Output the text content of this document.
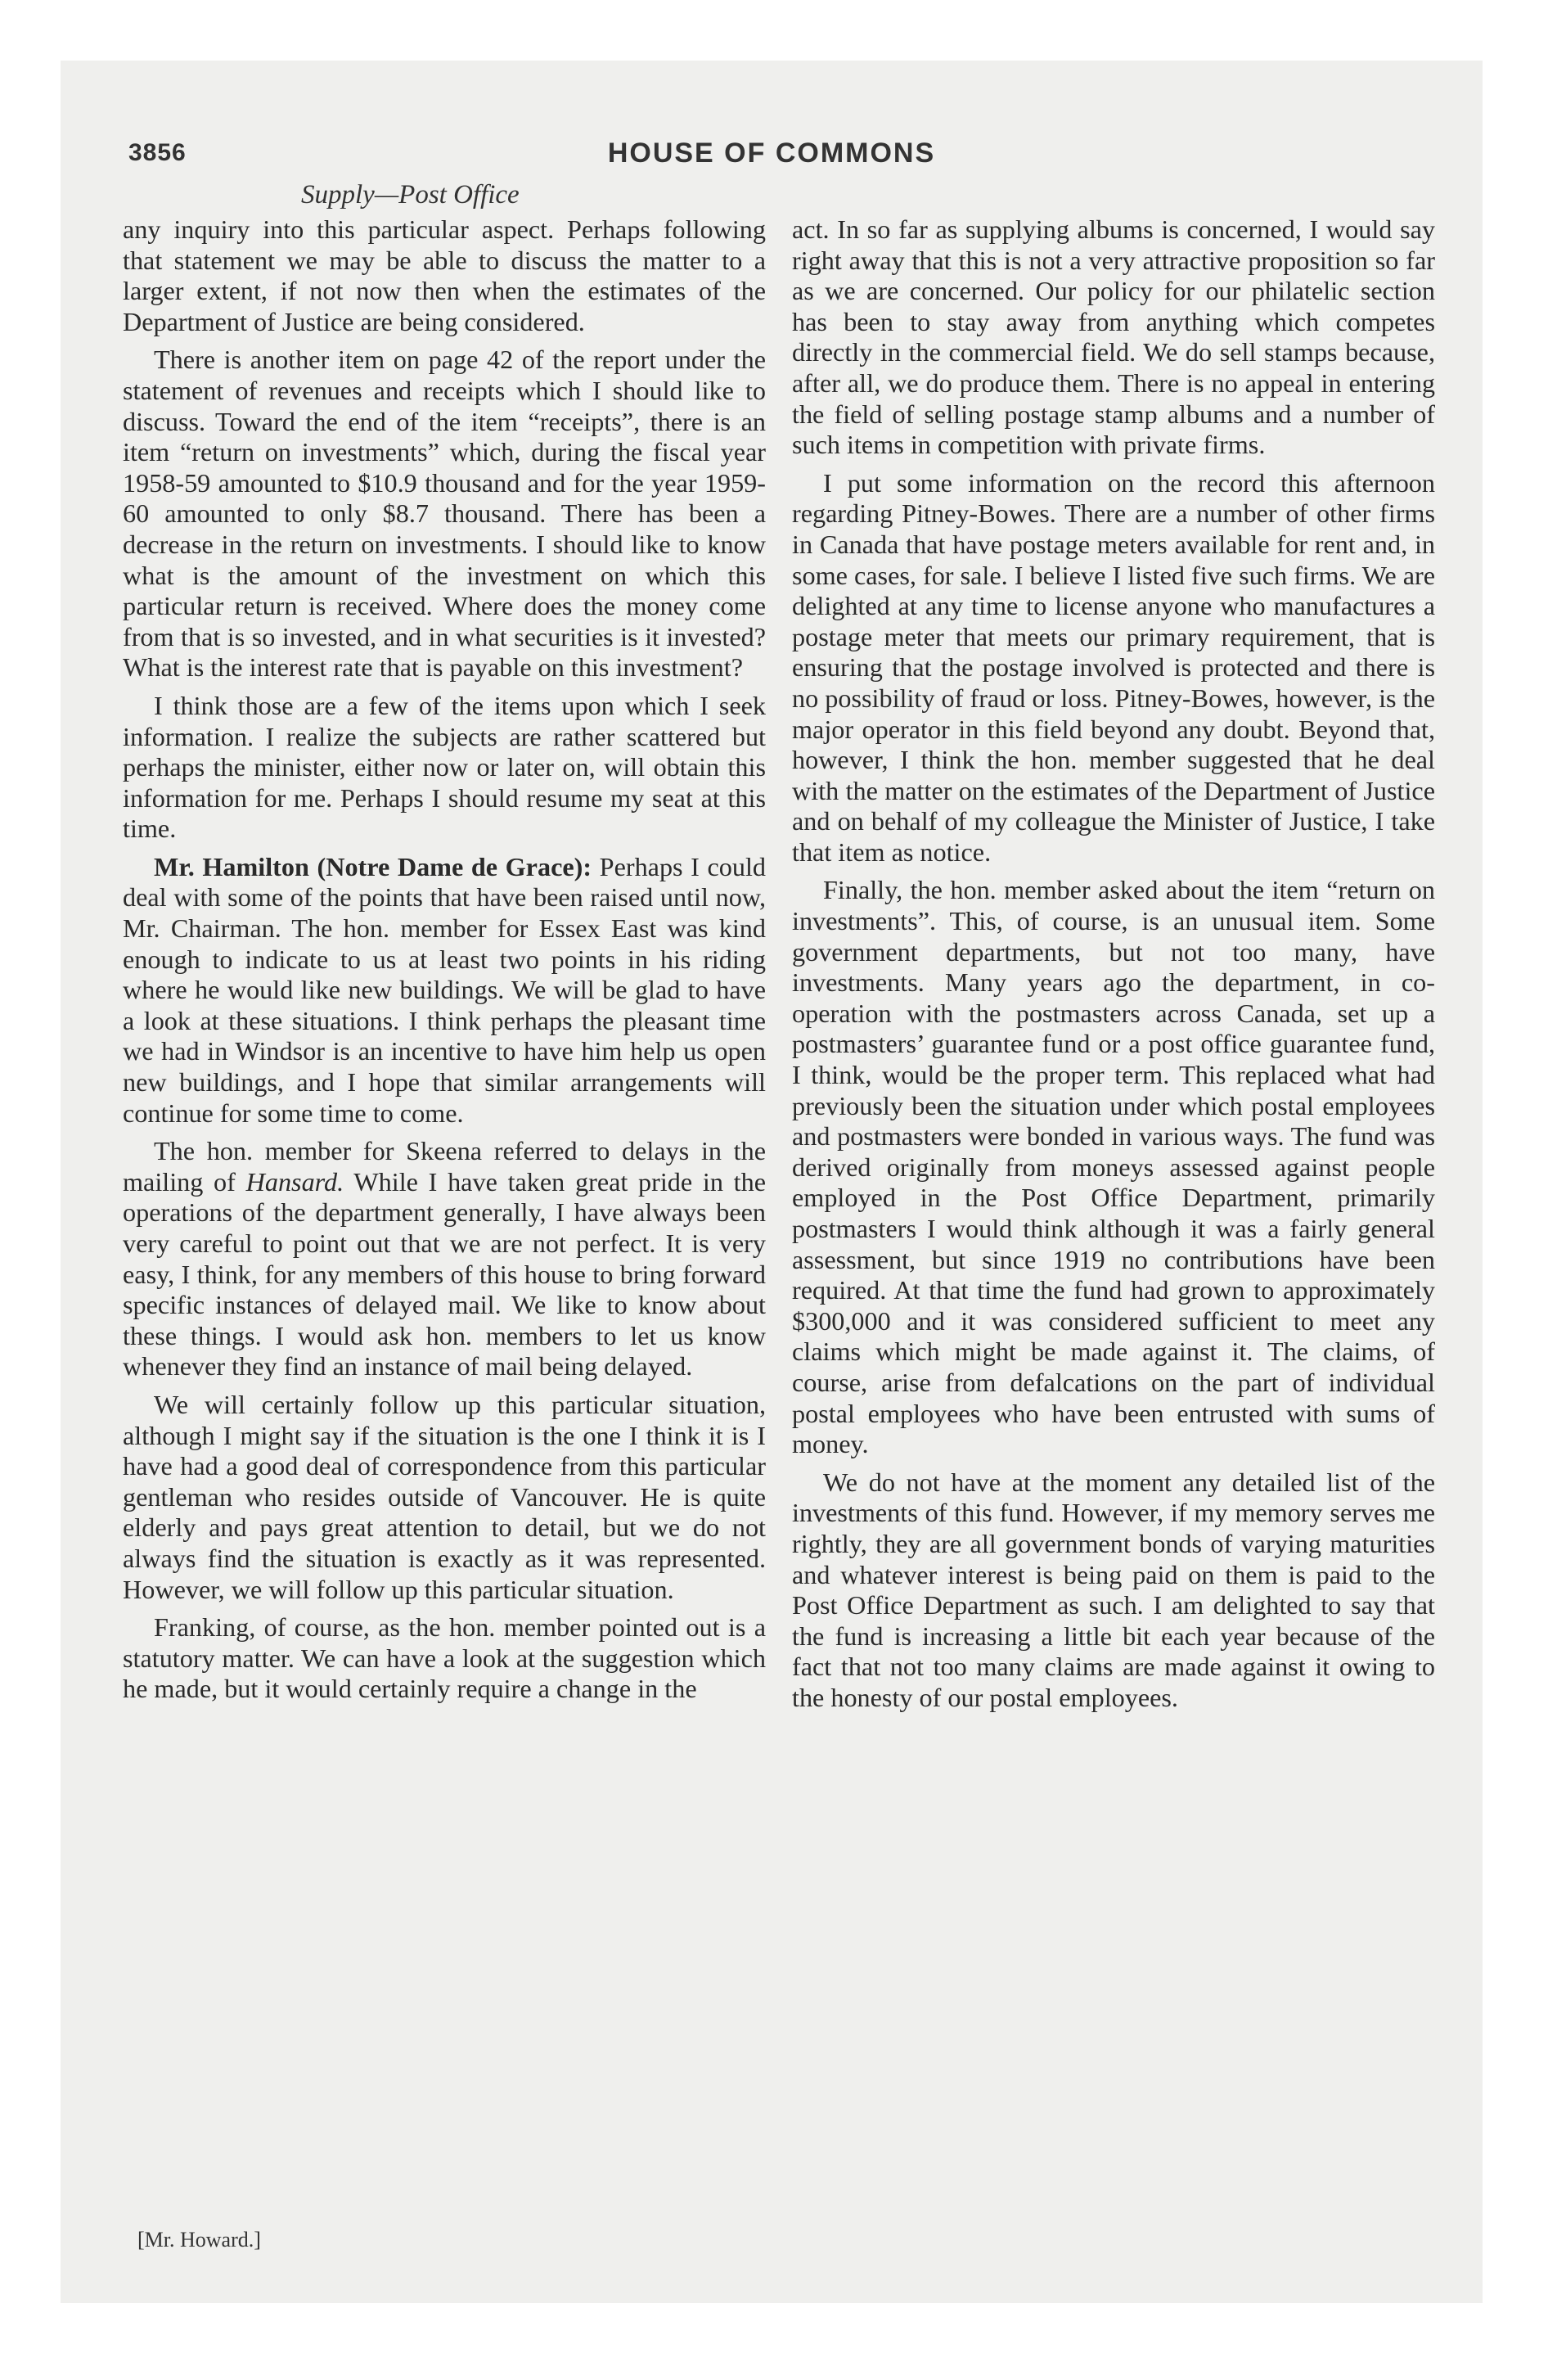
3856	HOUSE OF COMMONS
Supply—Post Office

any inquiry into this particular aspect. Perhaps following that statement we may be able to discuss the matter to a larger extent, if not now then when the estimates of the Department of Justice are being considered.

There is another item on page 42 of the report under the statement of revenues and receipts which I should like to discuss. Toward the end of the item “receipts”, there is an item “return on investments” which, during the fiscal year 1958-59 amounted to $10.9 thousand and for the year 1959-60 amounted to only $8.7 thousand. There has been a decrease in the return on investments. I should like to know what is the amount of the investment on which this particular return is received. Where does the money come from that is so invested, and in what securities is it invested? What is the interest rate that is payable on this investment?

I think those are a few of the items upon which I seek information. I realize the subjects are rather scattered but perhaps the minister, either now or later on, will obtain this information for me. Perhaps I should resume my seat at this time.

Mr. Hamilton (Notre Dame de Grace): Perhaps I could deal with some of the points that have been raised until now, Mr. Chairman. The hon. member for Essex East was kind enough to indicate to us at least two points in his riding where he would like new buildings. We will be glad to have a look at these situations. I think perhaps the pleasant time we had in Windsor is an incentive to have him help us open new buildings, and I hope that similar arrangements will continue for some time to come.

The hon. member for Skeena referred to delays in the mailing of Hansard. While I have taken great pride in the operations of the department generally, I have always been very careful to point out that we are not perfect. It is very easy, I think, for any members of this house to bring forward specific instances of delayed mail. We like to know about these things. I would ask hon. members to let us know whenever they find an instance of mail being delayed.

We will certainly follow up this particular situation, although I might say if the situation is the one I think it is I have had a good deal of correspondence from this particular gentleman who resides outside of Vancouver. He is quite elderly and pays great attention to detail, but we do not always find the situation is exactly as it was represented. However, we will follow up this particular situation.

Franking, of course, as the hon. member pointed out is a statutory matter. We can have a look at the suggestion which he made, but it would certainly require a change in the

act. In so far as supplying albums is concerned, I would say right away that this is not a very attractive proposition so far as we are concerned. Our policy for our philatelic section has been to stay away from anything which competes directly in the commercial field. We do sell stamps because, after all, we do produce them. There is no appeal in entering the field of selling postage stamp albums and a number of such items in competition with private firms.

I put some information on the record this afternoon regarding Pitney-Bowes. There are a number of other firms in Canada that have postage meters available for rent and, in some cases, for sale. I believe I listed five such firms. We are delighted at any time to license anyone who manufactures a postage meter that meets our primary requirement, that is ensuring that the postage involved is protected and there is no possibility of fraud or loss. Pitney-Bowes, however, is the major operator in this field beyond any doubt. Beyond that, however, I think the hon. member suggested that he deal with the matter on the estimates of the Department of Justice and on behalf of my colleague the Minister of Justice, I take that item as notice.

Finally, the hon. member asked about the item “return on investments”. This, of course, is an unusual item. Some government departments, but not too many, have investments. Many years ago the department, in co-operation with the postmasters across Canada, set up a postmasters’ guarantee fund or a post office guarantee fund, I think, would be the proper term. This replaced what had previously been the situation under which postal employees and postmasters were bonded in various ways. The fund was derived originally from moneys assessed against people employed in the Post Office Department, primarily postmasters I would think although it was a fairly general assessment, but since 1919 no contributions have been required. At that time the fund had grown to approximately $300,000 and it was considered sufficient to meet any claims which might be made against it. The claims, of course, arise from defalcations on the part of individual postal employees who have been entrusted with sums of money.

We do not have at the moment any detailed list of the investments of this fund. However, if my memory serves me rightly, they are all government bonds of varying maturities and whatever interest is being paid on them is paid to the Post Office Department as such. I am delighted to say that the fund is increasing a little bit each year because of the fact that not too many claims are made against it owing to the honesty of our postal employees.

[Mr. Howard.]
